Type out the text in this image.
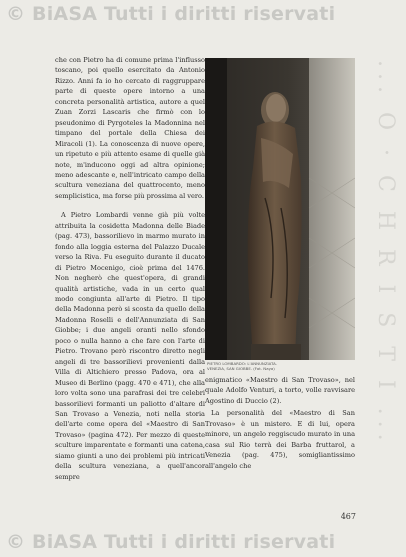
© BiASA Tutti i diritti riservati
... O · C H R I S T I ...

che con Pietro ha di comune prima l'influsso toscano, poi quello esercitato da Antonio Rizzo. Anni fa io ho cercato di raggruppare parte di queste opere intorno a una concreta personalità artistica, autore a quel Zuan Zorzi Lascaris che firmò con lo pseudonimo di Pyrgoteles la Madonnina nel timpano del portale della Chiesa dei Miracoli (1). La conoscenza di nuove opere, un ripetuto e più attento esame di quelle già note, m'inducono oggi ad altra opinione; meno adescante e, nell'intricato campo della scultura veneziana del quattrocento, meno semplicistica, ma forse più prossima al vero.

A Pietro Lombardi venne già più volte attribuita la cosidetta Madonna delle Biade (pag. 473), bassorilievo in marmo murato in fondo alla loggia esterna del Palazzo Ducale verso la Riva. Fu eseguito durante il ducato di Pietro Mocenigo, cioè prima del 1476. Non negherò che quest'opera, di grandi qualità artistiche, vada in un certo qual modo congiunta all'arte di Pietro. Il tipo della Madonna però si scosta da quello della Madonna Roselli e dell'Annunziata di San Giobbe; i due angeli oranti nello sfondo poco o nulla hanno a che fare con l'arte di Pietro. Trovano però riscontro diretto negli angeli di tre bassorilievi provenienti dalla Villa di Altichiero presso Padova, ora al Museo di Berlino (pagg. 470 e 471), che alla loro volta sono una parafrasi dei tre celebri bassorilievi formanti un paliotto d'altare di San Trovaso a Venezia, noti nella storia dell'arte come opera del «Maestro di San Trovaso» (pagina 472). Per mezzo di queste sculture imparentate e formanti una catena, siamo giunti a uno dei problemi più intricati della scultura veneziana, a quell'ancor sempre

PIETRO LOMBARDO: L'ANNUNZIATA.
VENEZIA, SAN GIOBBE. (Fot. Naya)

enigmatico «Maestro di San Trovaso», nel quale Adolfo Venturi, a torto, volle ravvisare Agostino di Duccio (2).

La personalità del «Maestro di San Trovaso» è un mistero. E di lui, opera minore, un angelo reggiscudo murato in una casa sul Rio terrà dei Barba fruttarol, a Venezia (pag. 475), somigliantissimo all'angelo che

467
© BiASA Tutti i diritti riservati
